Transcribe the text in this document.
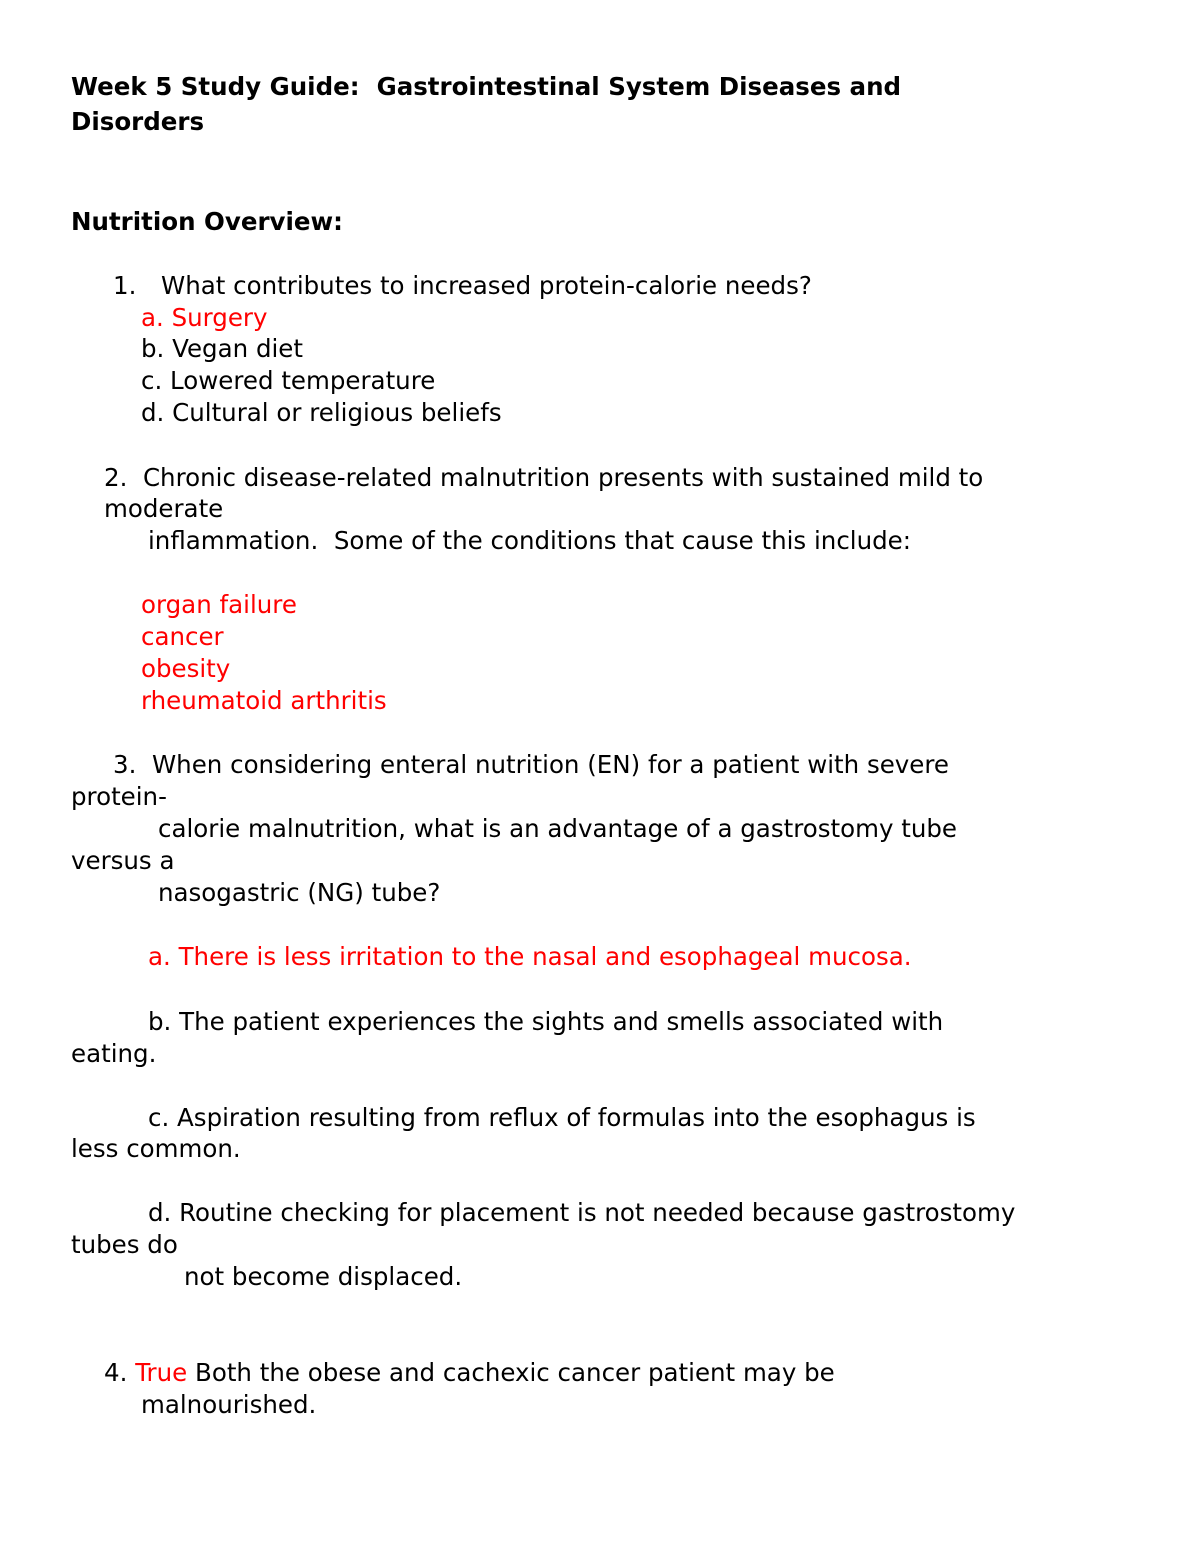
Week 5 Study Guide:  Gastrointestinal System Diseases and

Disorders

Nutrition Overview:

1. What contributes to increased protein-calorie needs?

a. Surgery

b. Vegan diet

c. Lowered temperature

d. Cultural or religious beliefs

2.  Chronic disease-related malnutrition presents with sustained mild to

moderate

inflammation.  Some of the conditions that cause this include:

organ failure

cancer

obesity

rheumatoid arthritis

3.  When considering enteral nutrition (EN) for a patient with severe

protein-

calorie malnutrition, what is an advantage of a gastrostomy tube

versus a

nasogastric (NG) tube?

a. There is less irritation to the nasal and esophageal mucosa.

b. The patient experiences the sights and smells associated with

eating.

c. Aspiration resulting from reflux of formulas into the esophagus is

less common.

d. Routine checking for placement is not needed because gastrostomy

tubes do

not become displaced.

4. True Both the obese and cachexic cancer patient may be

malnourished.
